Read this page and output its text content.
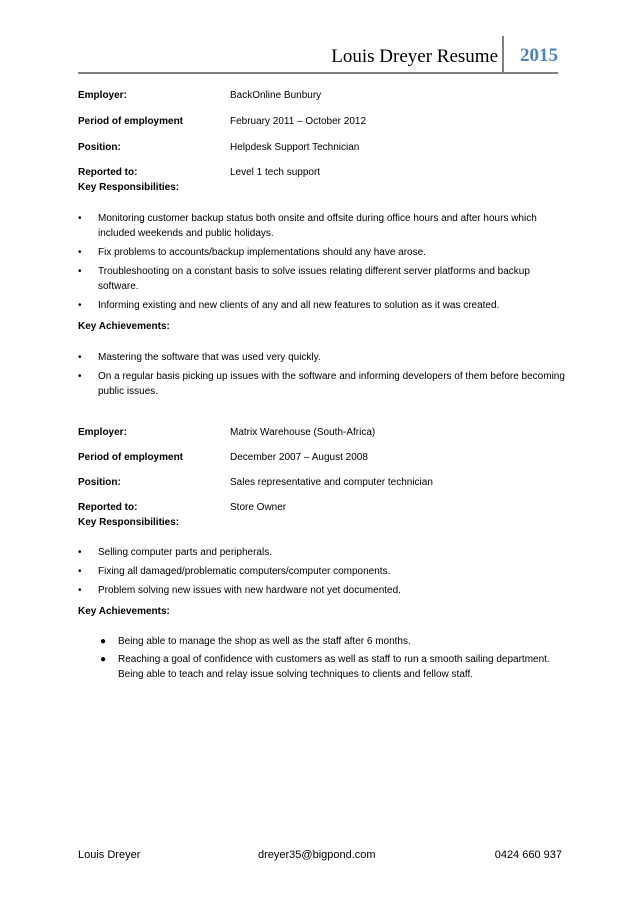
Louis Dreyer Resume 2015
Employer:	BackOnline Bunbury
Period of employment	February 2011 – October 2012
Position:	Helpdesk Support Technician
Reported to:	Level 1 tech support
Key Responsibilities:
• Monitoring customer backup status both onsite and offsite during office hours and after hours which included weekends and public holidays.
• Fix problems to accounts/backup implementations should any have arose.
• Troubleshooting on a constant basis to solve issues relating different server platforms and backup software.
• Informing existing and new clients of any and all new features to solution as it was created.
Key Achievements:
• Mastering the software that was used very quickly.
• On a regular basis picking up issues with the software and informing developers of them before becoming public issues.
Employer:	Matrix Warehouse (South-Africa)
Period of employment	December 2007 – August 2008
Position:	Sales representative and computer technician
Reported to:	Store Owner
Key Responsibilities:
• Selling computer parts and peripherals.
• Fixing all damaged/problematic computers/computer components.
• Problem solving new issues with new hardware not yet documented.
Key Achievements:
● Being able to manage the shop as well as the staff after 6 months.
● Reaching a goal of confidence with customers as well as staff to run a smooth sailing department. Being able to teach and relay issue solving techniques to clients and fellow staff.
Louis Dreyer	dreyer35@bigpond.com	0424 660 937
